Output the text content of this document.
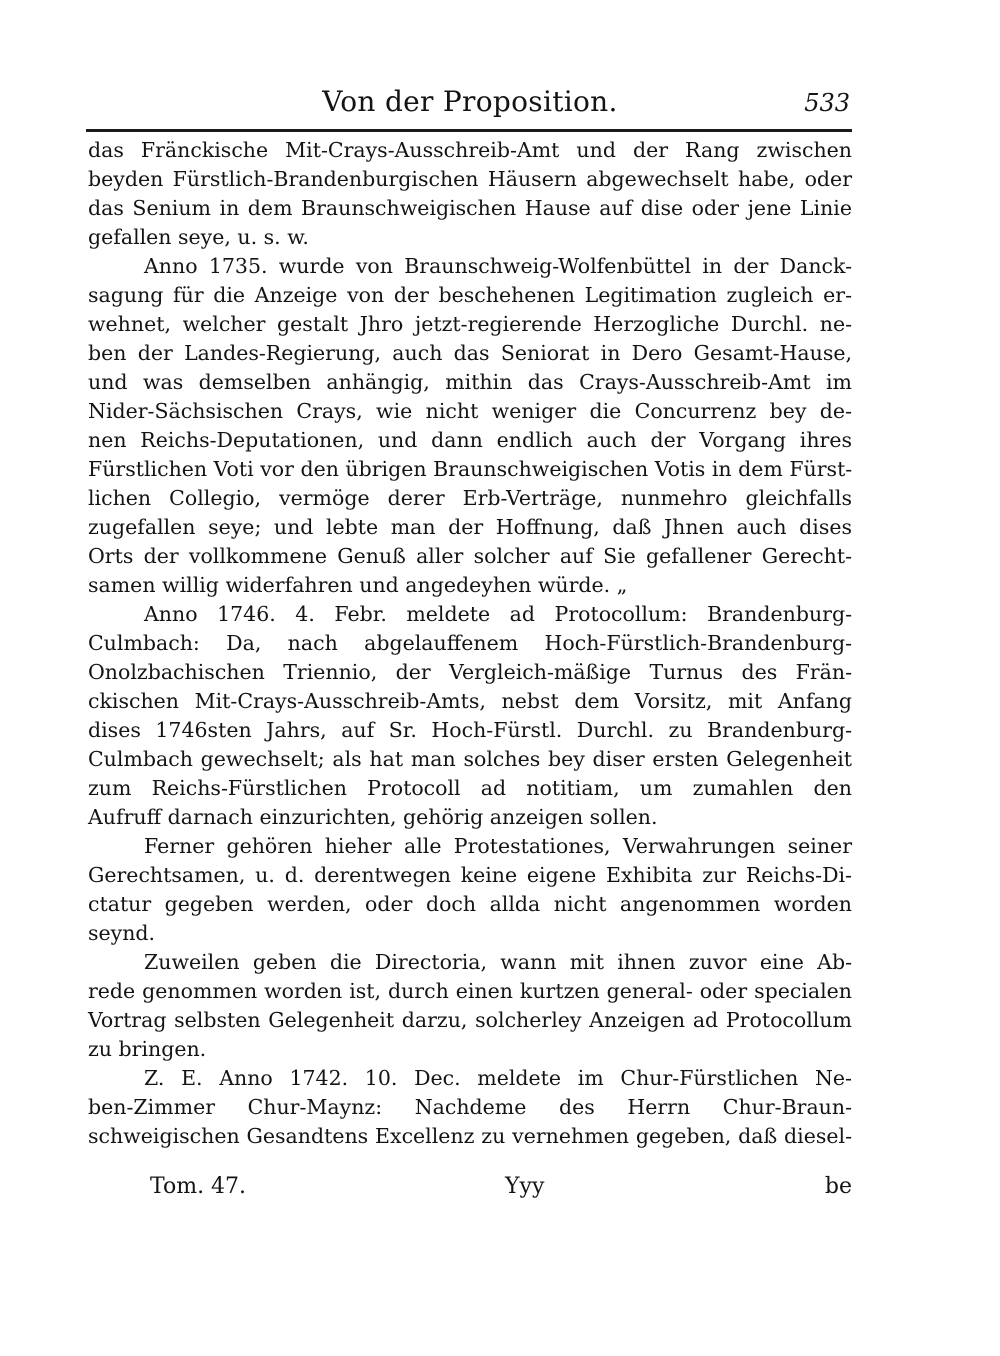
Von der Proposition.	533
das Fränckische Mit-Crays-Ausschreib-Amt und der Rang zwischen
beyden Fürstlich-Brandenburgischen Häusern abgewechselt habe, oder
das Senium in dem Braunschweigischen Hause auf dise oder jene Linie
gefallen seye, u. s. w.
Anno 1735. wurde von Braunschweig-Wolfenbüttel in der Danck-
sagung für die Anzeige von der beschehenen Legitimation zugleich er-
wehnet, welcher gestalt Jhro jetzt-regierende Herzogliche Durchl. ne-
ben der Landes-Regierung, auch das Seniorat in Dero Gesamt-Hause,
und was demselben anhängig, mithin das Crays-Ausschreib-Amt im
Nider-Sächsischen Crays, wie nicht weniger die Concurrenz bey de-
nen Reichs-Deputationen, und dann endlich auch der Vorgang ihres
Fürstlichen Voti vor den übrigen Braunschweigischen Votis in dem Fürst-
lichen Collegio, vermöge derer Erb-Verträge, nunmehro gleichfalls
zugefallen seye; und lebte man der Hoffnung, daß Jhnen auch dises
Orts der vollkommene Genuß aller solcher auf Sie gefallener Gerecht-
samen willig widerfahren und angedeyhen würde. „
Anno 1746. 4. Febr. meldete ad Protocollum: Brandenburg-
Culmbach: Da, nach abgelauffenem Hoch-Fürstlich-Brandenburg-
Onolzbachischen Triennio, der Vergleich-mäßige Turnus des Frän-
ckischen Mit-Crays-Ausschreib-Amts, nebst dem Vorsitz, mit Anfang
dises 1746sten Jahrs, auf Sr. Hoch-Fürstl. Durchl. zu Brandenburg-
Culmbach gewechselt; als hat man solches bey diser ersten Gelegenheit
zum Reichs-Fürstlichen Protocoll ad notitiam, um zumahlen den
Aufruff darnach einzurichten, gehörig anzeigen sollen.
Ferner gehören hieher alle Protestationes, Verwahrungen seiner
Gerechtsamen, u. d. derentwegen keine eigene Exhibita zur Reichs-Di-
ctatur gegeben werden, oder doch allda nicht angenommen worden
seynd.
Zuweilen geben die Directoria, wann mit ihnen zuvor eine Ab-
rede genommen worden ist, durch einen kurtzen general- oder specialen
Vortrag selbsten Gelegenheit darzu, solcherley Anzeigen ad Protocollum
zu bringen.
Z. E. Anno 1742. 10. Dec. meldete im Chur-Fürstlichen Ne-
ben-Zimmer Chur-Maynz: Nachdeme des Herrn Chur-Braun-
schweigischen Gesandtens Excellenz zu vernehmen gegeben, daß diesel-
Tom. 47.	Yyy	be
